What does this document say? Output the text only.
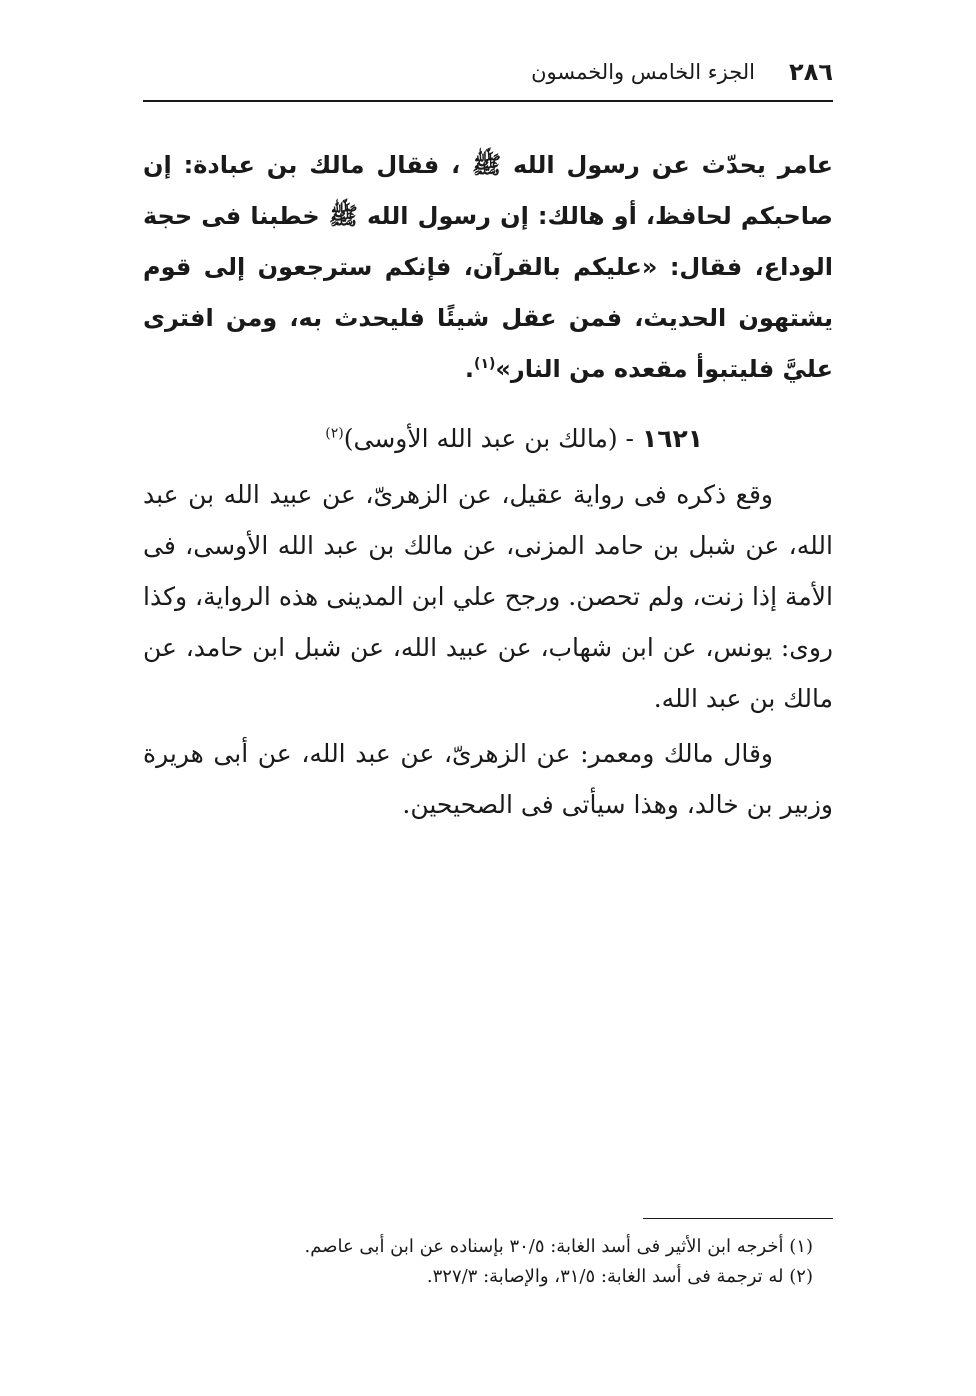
٢٨٦
الجزء الخامس والخمسون

عامر يحدّث عن رسول الله ﷺ ، فقال مالك بن عبادة: إن صاحبكم لحافظ، أو هالك: إن رسول الله ﷺ خطبنا فى حجة الوداع، فقال: «عليكم بالقرآن، فإنكم سترجعون إلى قوم يشتهون الحديث، فمن عقل شيئًا فليحدث به، ومن افترى عليَّ فليتبوأ مقعده من النار»$^{(١)}$.

١٦٢١ - (مالك بن عبد الله الأوسى)$^{(٢)}$

وقع ذكره فى رواية عقيل، عن الزهرىّ، عن عبيد الله بن عبد الله، عن شبل بن حامد المزنى، عن مالك بن عبد الله الأوسى، فى الأمة إذا زنت، ولم تحصن. ورجح علي ابن المدينى هذه الرواية، وكذا روى: يونس، عن ابن شهاب، عن عبيد الله، عن شبل ابن حامد، عن مالك بن عبد الله.

وقال مالك ومعمر: عن الزهرىّ، عن عبد الله، عن أبى هريرة وزبير بن خالد، وهذا سيأتى فى الصحيحين.

(١) أخرجه ابن الأثير فى أسد الغابة: ٣٠/٥ بإسناده عن ابن أبى عاصم.

(٢) له ترجمة فى أسد الغابة: ٣١/٥، والإصابة: ٣٢٧/٣.
